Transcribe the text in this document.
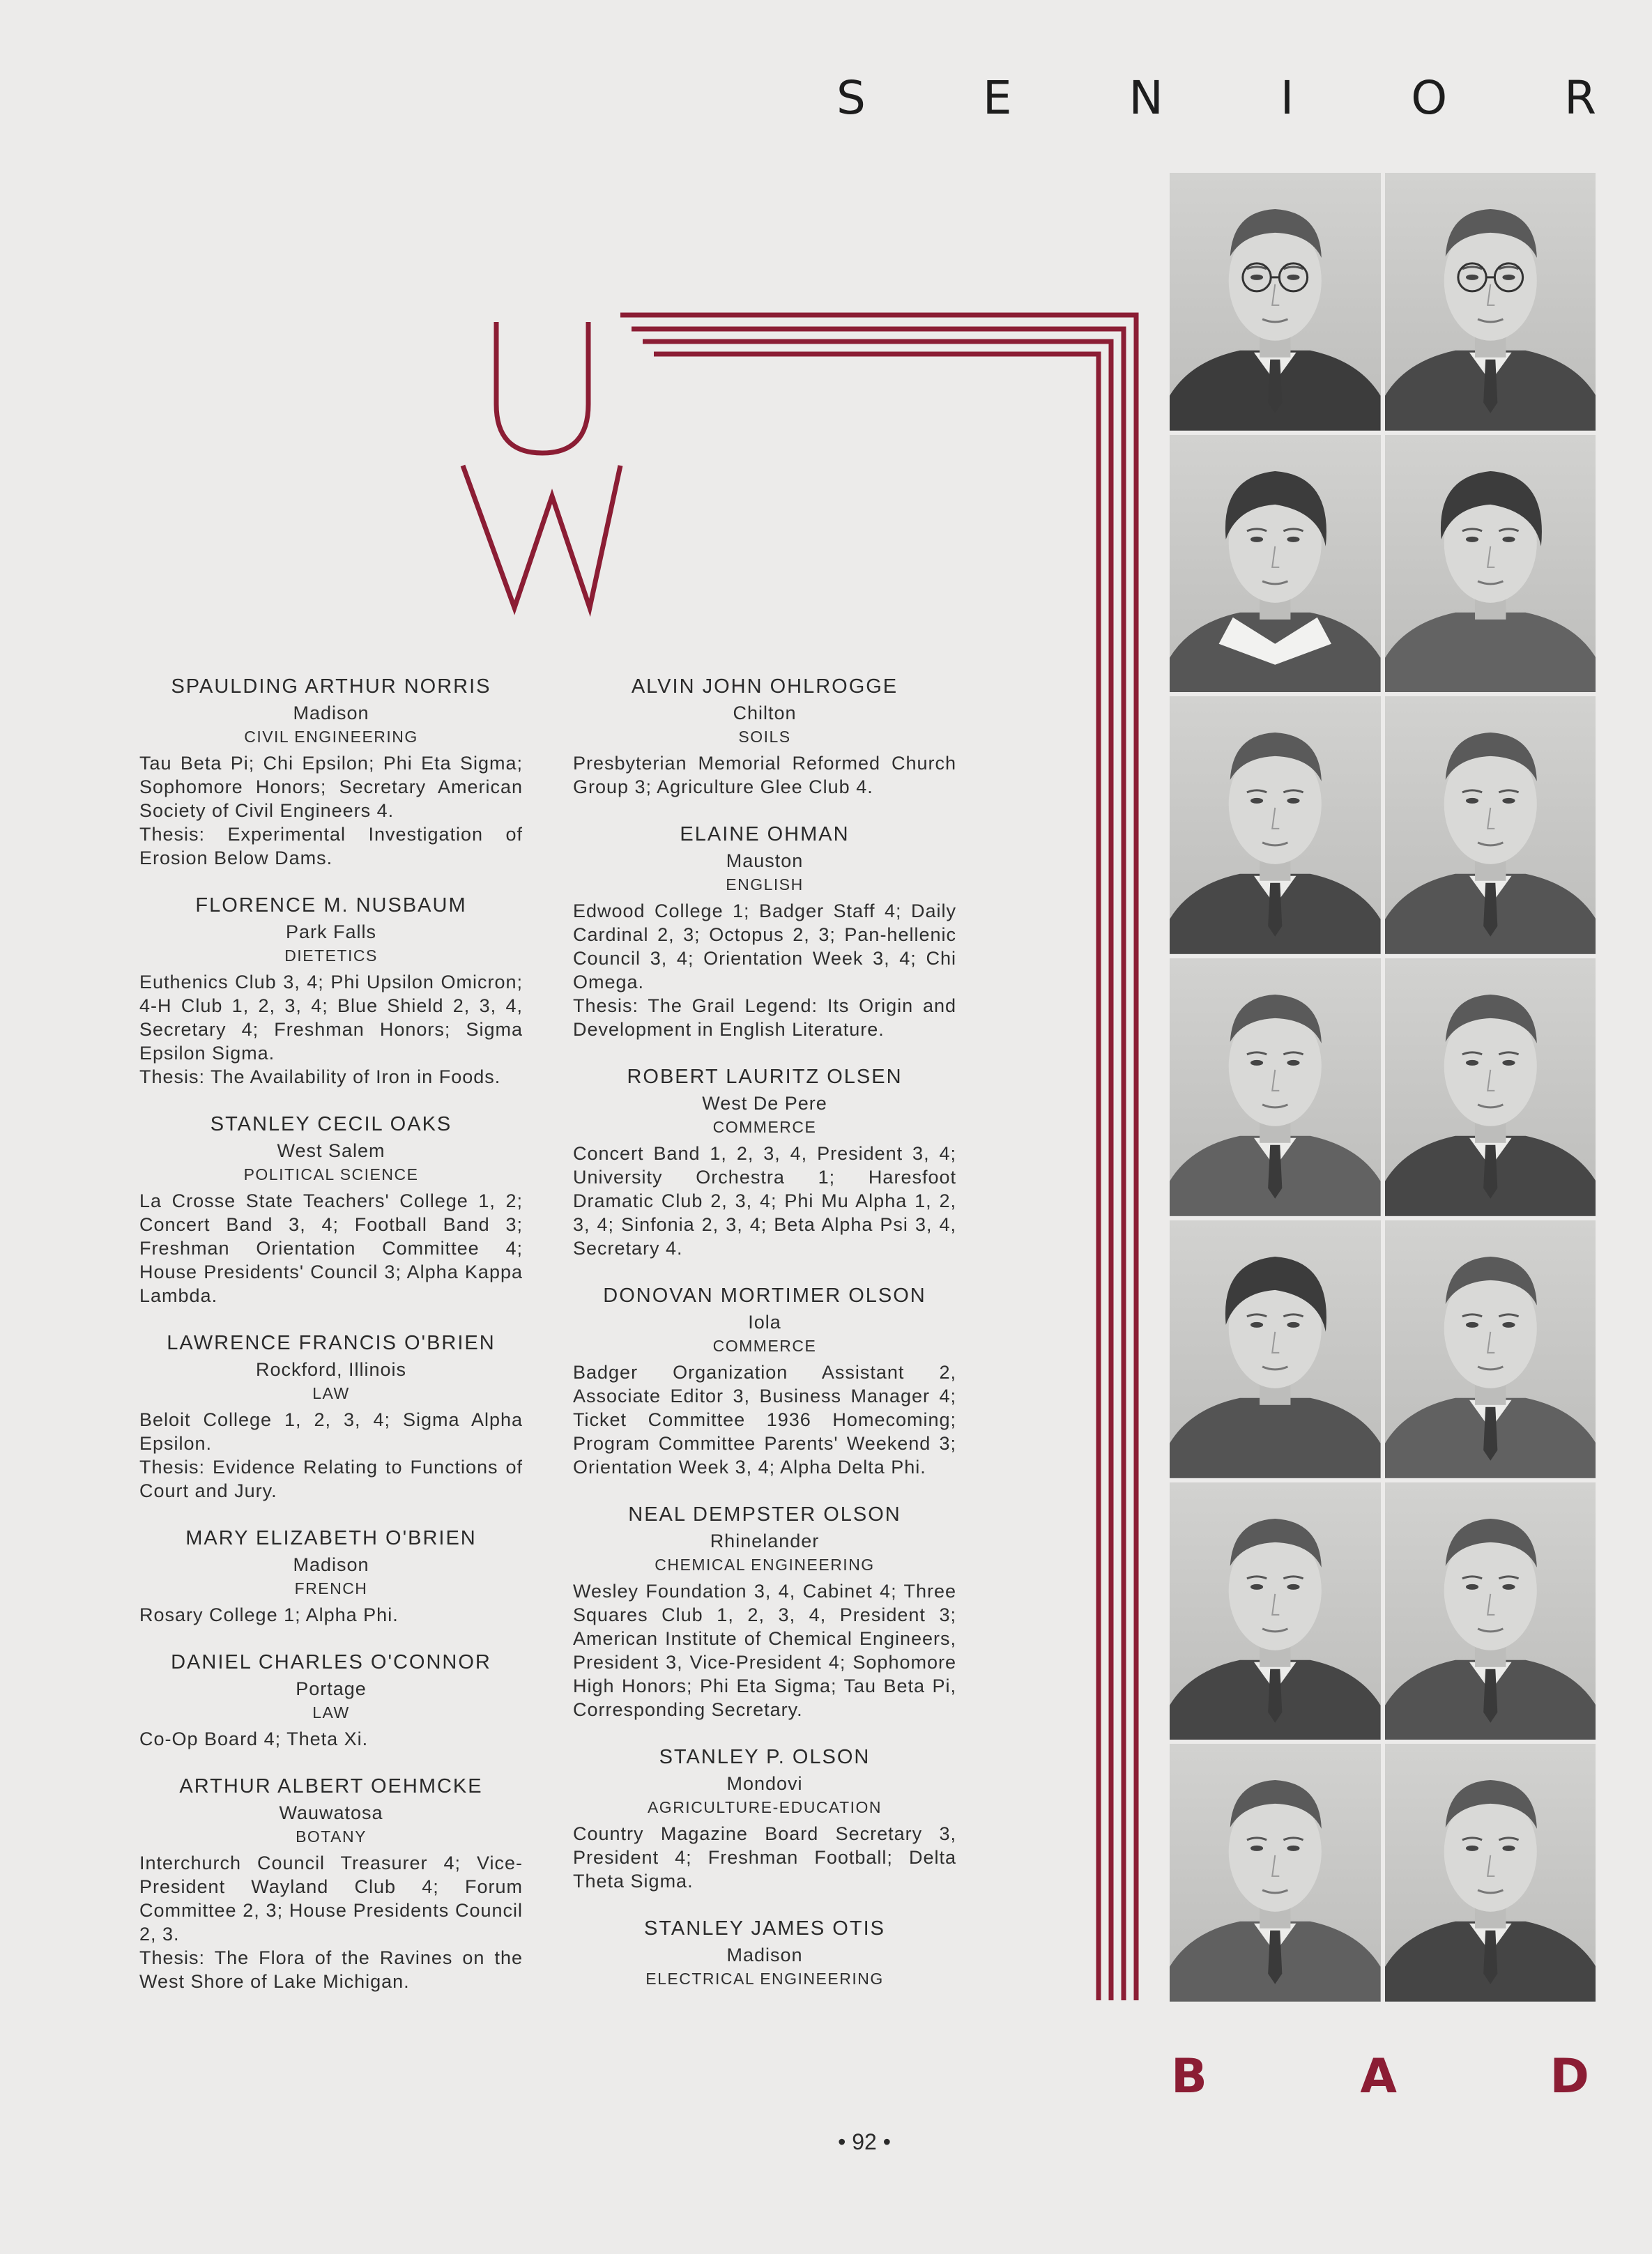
S	E	N	I	O	R
SPAULDING ARTHUR NORRIS
Madison
CIVIL ENGINEERING
Tau Beta Pi; Chi Epsilon; Phi Eta Sigma; Sophomore Honors; Secretary American Society of Civil Engineers 4.
Thesis: Experimental Investigation of Erosion Below Dams.
FLORENCE M. NUSBAUM
Park Falls
DIETETICS
Euthenics Club 3, 4; Phi Upsilon Omicron; 4-H Club 1, 2, 3, 4; Blue Shield 2, 3, 4, Secretary 4; Freshman Honors; Sigma Epsilon Sigma.
Thesis: The Availability of Iron in Foods.
STANLEY CECIL OAKS
West Salem
POLITICAL SCIENCE
La Crosse State Teachers' College 1, 2; Concert Band 3, 4; Football Band 3; Freshman Orientation Committee 4; House Presidents' Council 3; Alpha Kappa Lambda.
LAWRENCE FRANCIS O'BRIEN
Rockford, Illinois
LAW
Beloit College 1, 2, 3, 4; Sigma Alpha Epsilon.
Thesis: Evidence Relating to Functions of Court and Jury.
MARY ELIZABETH O'BRIEN
Madison
FRENCH
Rosary College 1; Alpha Phi.
DANIEL CHARLES O'CONNOR
Portage
LAW
Co-Op Board 4; Theta Xi.
ARTHUR ALBERT OEHMCKE
Wauwatosa
BOTANY
Interchurch Council Treasurer 4; Vice-President Wayland Club 4; Forum Committee 2, 3; House Presidents Council 2, 3.
Thesis: The Flora of the Ravines on the West Shore of Lake Michigan.
ALVIN JOHN OHLROGGE
Chilton
SOILS
Presbyterian Memorial Reformed Church Group 3; Agriculture Glee Club 4.
ELAINE OHMAN
Mauston
ENGLISH
Edwood College 1; Badger Staff 4; Daily Cardinal 2, 3; Octopus 2, 3; Pan-hellenic Council 3, 4; Orientation Week 3, 4; Chi Omega.
Thesis: The Grail Legend: Its Origin and Development in English Literature.
ROBERT LAURITZ OLSEN
West De Pere
COMMERCE
Concert Band 1, 2, 3, 4, President 3, 4; University Orchestra 1; Haresfoot Dramatic Club 2, 3, 4; Phi Mu Alpha 1, 2, 3, 4; Sinfonia 2, 3, 4; Beta Alpha Psi 3, 4, Secretary 4.
DONOVAN MORTIMER OLSON
Iola
COMMERCE
Badger Organization Assistant 2, Associate Editor 3, Business Manager 4; Ticket Committee 1936 Homecoming; Program Committee Parents' Weekend 3; Orientation Week 3, 4; Alpha Delta Phi.
NEAL DEMPSTER OLSON
Rhinelander
CHEMICAL ENGINEERING
Wesley Foundation 3, 4, Cabinet 4; Three Squares Club 1, 2, 3, 4, President 3; American Institute of Chemical Engineers, President 3, Vice-President 4; Sophomore High Honors; Phi Eta Sigma; Tau Beta Pi, Corresponding Secretary.
STANLEY P. OLSON
Mondovi
AGRICULTURE-EDUCATION
Country Magazine Board Secretary 3, President 4; Freshman Football; Delta Theta Sigma.
STANLEY JAMES OTIS
Madison
ELECTRICAL ENGINEERING
B	A	D
• 92 •
